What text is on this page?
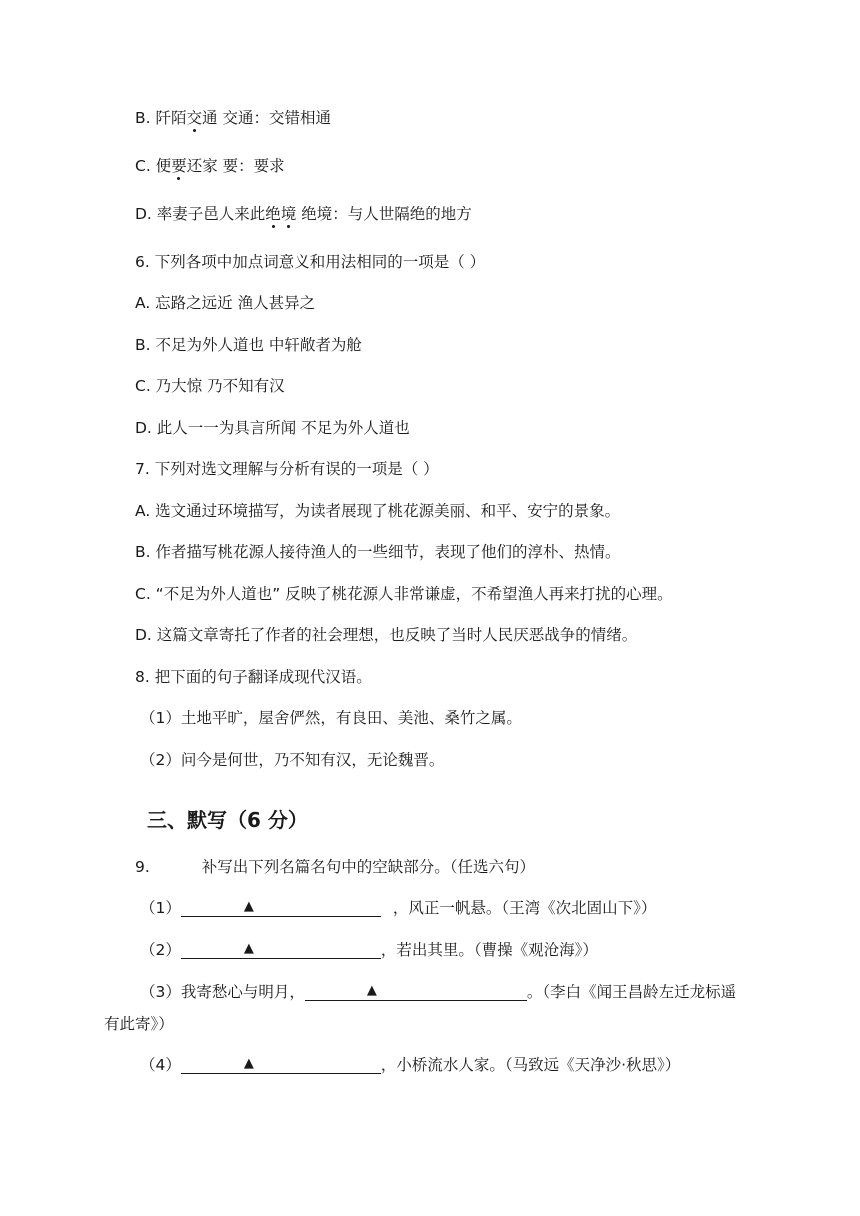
B. 阡陌交通 交通：交错相通
C. 便要还家 要：要求
D. 率妻子邑人来此绝境 绝境：与人世隔绝的地方
6. 下列各项中加点词意义和用法相同的一项是（ ）
A. 忘路之远近 渔人甚异之
B. 不足为外人道也 中轩敞者为舱
C. 乃大惊 乃不知有汉
D. 此人一一为具言所闻 不足为外人道也
7. 下列对选文理解与分析有误的一项是（ ）
A. 选文通过环境描写，为读者展现了桃花源美丽、和平、安宁的景象。
B. 作者描写桃花源人接待渔人的一些细节，表现了他们的淳朴、热情。
C. “不足为外人道也” 反映了桃花源人非常谦虚，不希望渔人再来打扰的心理。
D. 这篇文章寄托了作者的社会理想，也反映了当时人民厌恶战争的情绪。
8. 把下面的句子翻译成现代汉语。
（1）土地平旷，屋舍俨然，有良田、美池、桑竹之属。
（2）问今是何世，乃不知有汉，无论魏晋。
三、默写（6 分）
9.	补写出下列名篇名句中的空缺部分。（任选六句）
（1）	▲	，风正一帆悬。（王湾《次北固山下》）
（2）	▲	，若出其里。（曹操《观沧海》）
（3）我寄愁心与明月，	▲	。（李白《闻王昌龄左迁龙标遥
有此寄》）
（4）	▲	，小桥流水人家。（马致远《天净沙·秋思》）
